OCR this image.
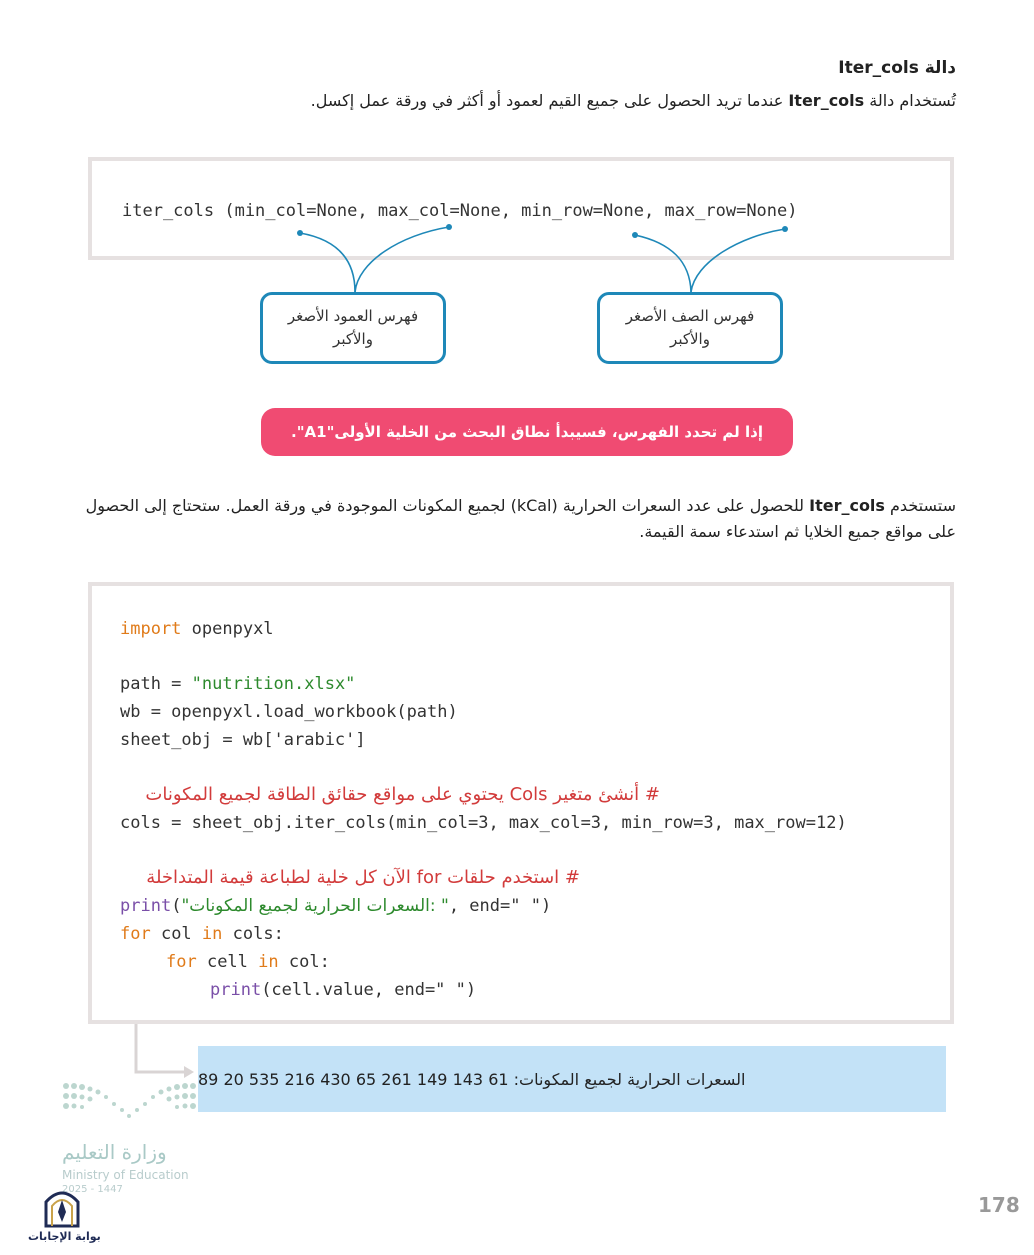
دالة Iter_cols
تُستخدام دالة Iter_cols عندما تريد الحصول على جميع القيم لعمود أو أكثر في ورقة عمل إكسل.
iter_cols (min_col=None, max_col=None, min_row=None, max_row=None)
فهرس العمود الأصغر
والأكبر
فهرس الصف الأصغر
والأكبر
إذا لم تحدد الفهرس، فسيبدأ نطاق البحث من الخلية الأولى"A1".
ستستخدم Iter_cols للحصول على عدد السعرات الحرارية (kCal) لجميع المكونات الموجودة في ورقة العمل. ستحتاج إلى الحصول
على مواقع جميع الخلايا ثم استدعاء سمة القيمة.
import openpyxl
path = "nutrition.xlsx"
wb = openpyxl.load_workbook(path)
sheet_obj = wb['arabic']
# أنشئ متغير Cols يحتوي على مواقع حقائق الطاقة لجميع المكونات
cols = sheet_obj.iter_cols(min_col=3, max_col=3, min_row=3, max_row=12)
# استخدم حلقات for الآن كل خلية لطباعة قيمة المتداخلة
print("السعرات الحرارية لجميع المكونات: ", end=" ")
for col in cols:
for cell in col:
print(cell.value, end=" ")
السعرات الحرارية لجميع المكونات: 61 143 149 261 65 430 216 535 20 89
وزارة التعليم
Ministry of Education
2025 - 1447
بوابة الإجابات
178
